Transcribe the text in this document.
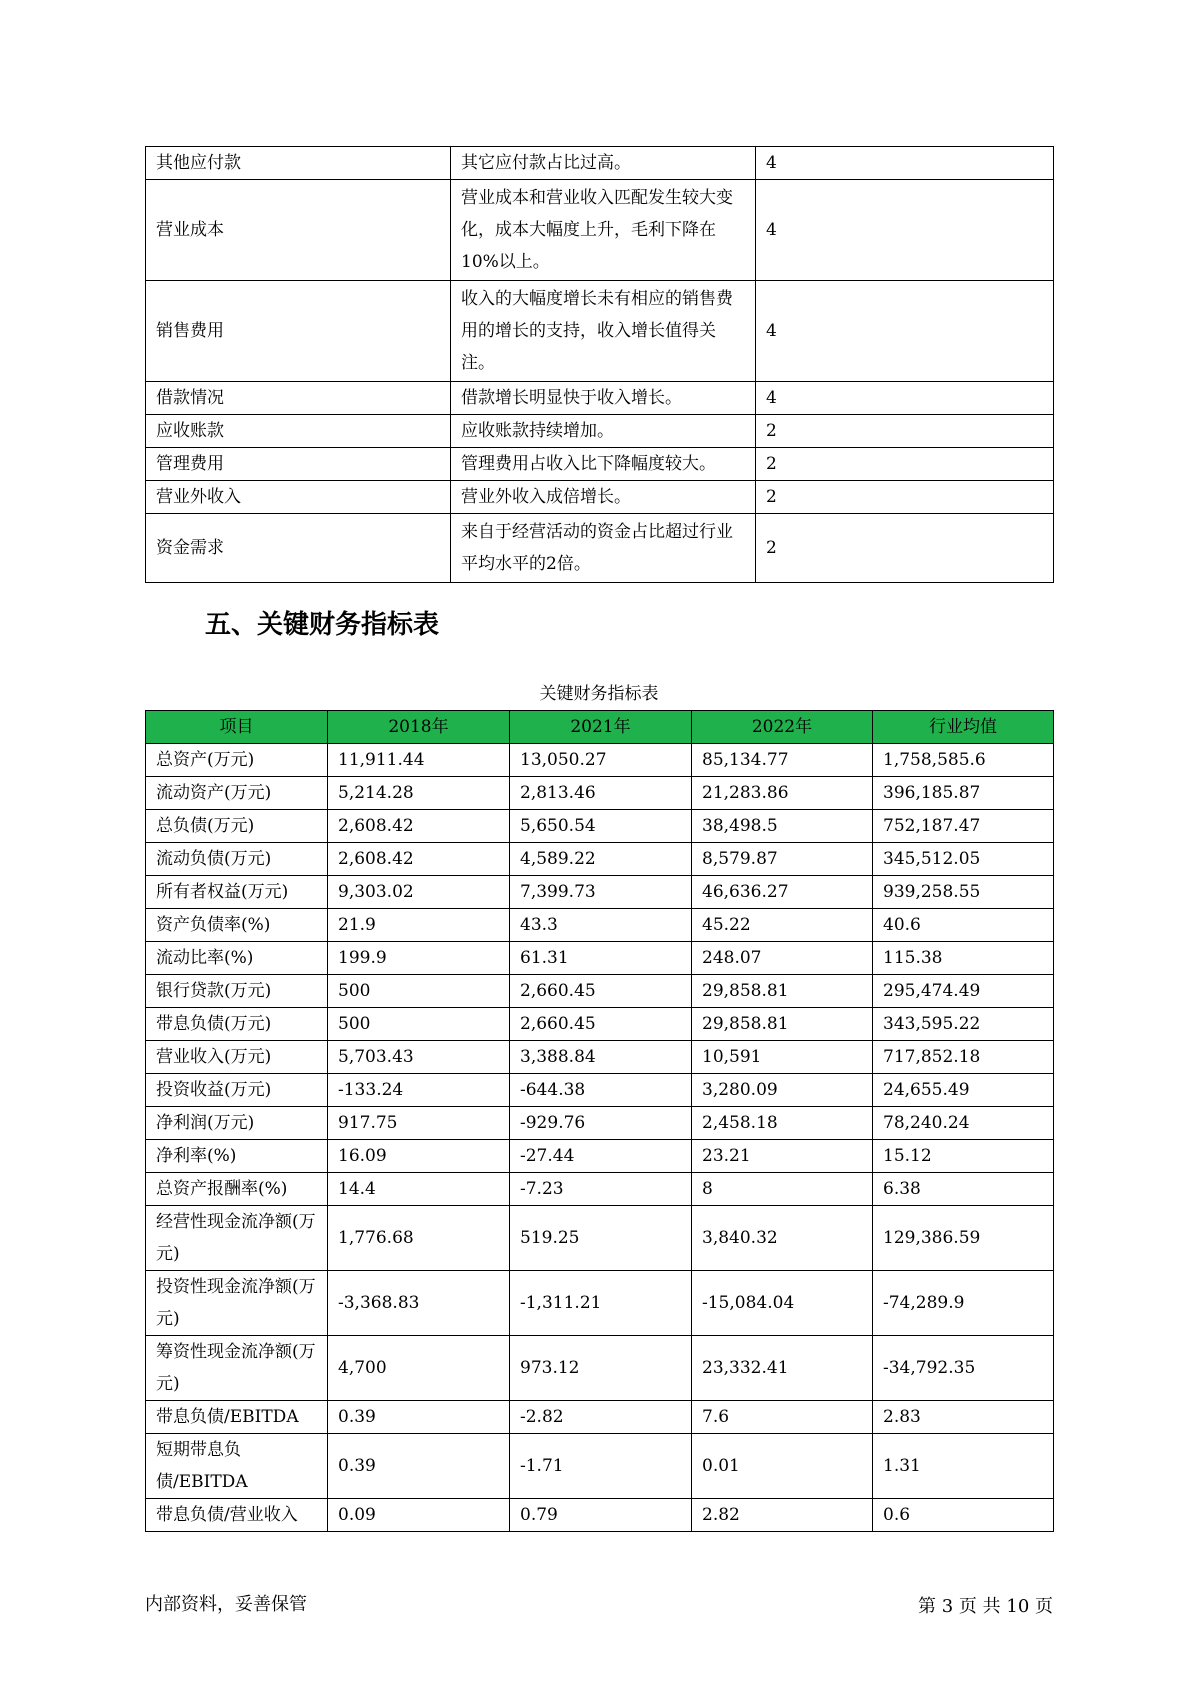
其他应付款	其它应付款占比过高。	4
营业成本	营业成本和营业收入匹配发生较大变化，成本大幅度上升，毛利下降在10%以上。	4
销售费用	收入的大幅度增长未有相应的销售费用的增长的支持，收入增长值得关注。	4
借款情况	借款增长明显快于收入增长。	4
应收账款	应收账款持续增加。	2
管理费用	管理费用占收入比下降幅度较大。	2
营业外收入	营业外收入成倍增长。	2
资金需求	来自于经营活动的资金占比超过行业平均水平的2倍。	2
五、关键财务指标表
关键财务指标表
项目	2018年	2021年	2022年	行业均值
总资产(万元)	11,911.44	13,050.27	85,134.77	1,758,585.6
流动资产(万元)	5,214.28	2,813.46	21,283.86	396,185.87
总负债(万元)	2,608.42	5,650.54	38,498.5	752,187.47
流动负债(万元)	2,608.42	4,589.22	8,579.87	345,512.05
所有者权益(万元)	9,303.02	7,399.73	46,636.27	939,258.55
资产负债率(%)	21.9	43.3	45.22	40.6
流动比率(%)	199.9	61.31	248.07	115.38
银行贷款(万元)	500	2,660.45	29,858.81	295,474.49
带息负债(万元)	500	2,660.45	29,858.81	343,595.22
营业收入(万元)	5,703.43	3,388.84	10,591	717,852.18
投资收益(万元)	-133.24	-644.38	3,280.09	24,655.49
净利润(万元)	917.75	-929.76	2,458.18	78,240.24
净利率(%)	16.09	-27.44	23.21	15.12
总资产报酬率(%)	14.4	-7.23	8	6.38
经营性现金流净额(万元)	1,776.68	519.25	3,840.32	129,386.59
投资性现金流净额(万元)	-3,368.83	-1,311.21	-15,084.04	-74,289.9
筹资性现金流净额(万元)	4,700	973.12	23,332.41	-34,792.35
带息负债/EBITDA	0.39	-2.82	7.6	2.83
短期带息负债/EBITDA	0.39	-1.71	0.01	1.31
带息负债/营业收入	0.09	0.79	2.82	0.6
内部资料，妥善保管	第 3 页 共 10 页
